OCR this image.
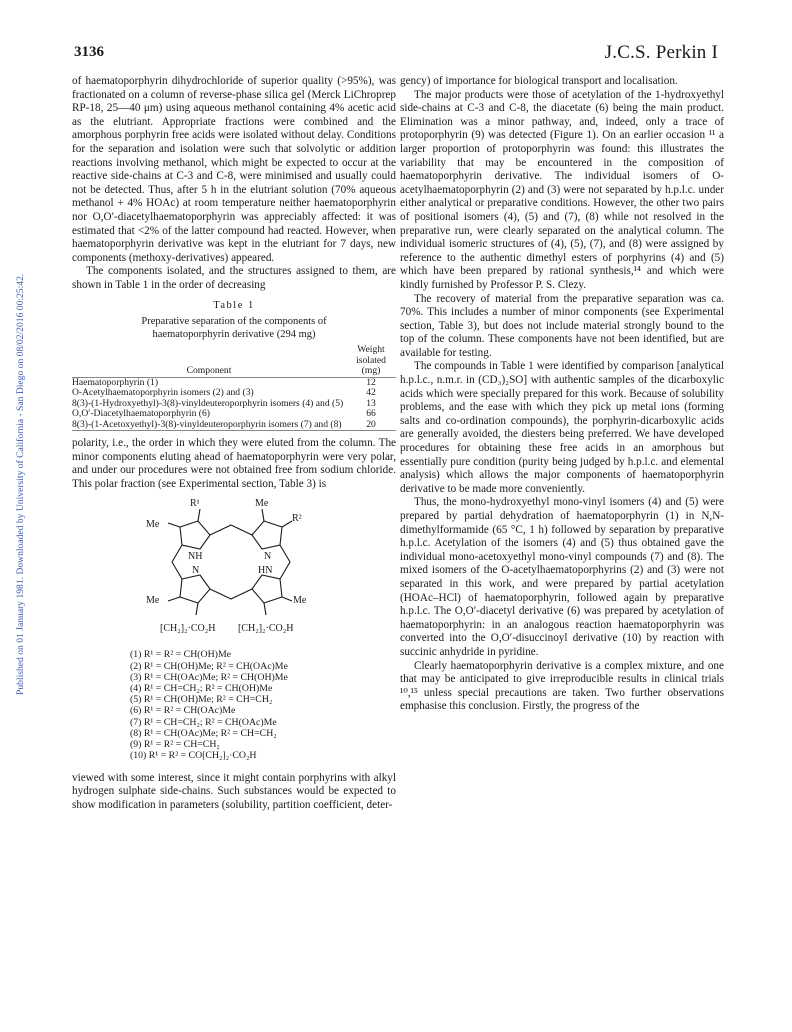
3136	J.C.S. Perkin I
Published on 01 January 1981. Downloaded by University of California - San Diego on 08/02/2016 00:25:42.

of haematoporphyrin dihydrochloride of superior quality (>95%), was fractionated on a column of reverse-phase silica gel (Merck LiChroprep RP-18, 25—40 μm) using aqueous methanol containing 4% acetic acid as the elutriant. Appropriate fractions were combined and the amorphous porphyrin free acids were isolated without delay. Conditions for the separation and isolation were such that solvolytic or addition reactions involving methanol, which might be expected to occur at the reactive side-chains at C-3 and C-8, were minimised and usually could not be detected. Thus, after 5 h in the elutriant solution (70% aqueous methanol + 4% HOAc) at room temperature neither haematoporphyrin nor O,O′-diacetylhaematoporphyrin was appreciably affected: it was estimated that <2% of the latter compound had reacted. However, when haematoporphyrin derivative was kept in the elutriant for 7 days, new components (methoxy-derivatives) appeared.

The components isolated, and the structures assigned to them, are shown in Table 1 in the order of decreasing

Table 1
Preparative separation of the components of haematoporphyrin derivative (294 mg)
Component	Weight isolated (mg)
Haematoporphyrin (1)	12
O-Acetylhaematoporphyrin isomers (2) and (3)	42
8(3)-(1-Hydroxyethyl)-3(8)-vinyldeuteroporphyrin isomers (4) and (5)	13
O,O′-Diacetylhaematoporphyrin (6)	66
8(3)-(1-Acetoxyethyl)-3(8)-vinyldeuteroporphyrin isomers (7) and (8)	20

polarity, i.e., the order in which they were eluted from the column. The minor components eluting ahead of haematoporphyrin were very polar, and under our procedures were not obtained free from sodium chloride. This polar fraction (see Experimental section, Table 3) is

R¹
R²
Me
Me
Me	Me
NH	N
N	HN
[CH₂]₂·CO₂H [CH₂]₂·CO₂H
(1) R¹ = R² = CH(OH)Me
(2) R¹ = CH(OH)Me; R² = CH(OAc)Me
(3) R¹ = CH(OAc)Me; R² = CH(OH)Me
(4) R¹ = CH=CH₂; R² = CH(OH)Me
(5) R¹ = CH(OH)Me; R² = CH=CH₂
(6) R¹ = R² = CH(OAc)Me
(7) R¹ = CH=CH₂; R² = CH(OAc)Me
(8) R¹ = CH(OAc)Me; R² = CH=CH₂
(9) R¹ = R² = CH=CH₂
(10) R¹ = R² = CO[CH₂]₂·CO₂H

viewed with some interest, since it might contain porphyrins with alkyl hydrogen sulphate side-chains. Such substances would be expected to show modification in parameters (solubility, partition coefficient, deter-

gency) of importance for biological transport and localisation.

The major products were those of acetylation of the 1-hydroxyethyl side-chains at C-3 and C-8, the diacetate (6) being the main product. Elimination was a minor pathway, and, indeed, only a trace of protoporphyrin (9) was detected (Figure 1). On an earlier occasion ¹¹ a larger proportion of protoporphyrin was found: this illustrates the variability that may be encountered in the composition of haematoporphyrin derivative. The individual isomers of O-acetylhaematoporphyrin (2) and (3) were not separated by h.p.l.c. under either analytical or preparative conditions. However, the other two pairs of positional isomers (4), (5) and (7), (8) while not resolved in the preparative run, were clearly separated on the analytical column. The individual isomeric structures of (4), (5), (7), and (8) were assigned by reference to the authentic dimethyl esters of porphyrins (4) and (5) which have been prepared by rational synthesis,¹⁴ and which were kindly furnished by Professor P. S. Clezy.

The recovery of material from the preparative separation was ca. 70%. This includes a number of minor components (see Experimental section, Table 3), but does not include material strongly bound to the top of the column. These components have not been identified, but are available for testing.

The compounds in Table 1 were identified by comparison [analytical h.p.l.c., n.m.r. in (CD₃)₂SO] with authentic samples of the dicarboxylic acids which were specially prepared for this work. Because of solubility problems, and the ease with which they pick up metal ions (forming salts and co-ordination compounds), the porphyrin-dicarboxylic acids are generally avoided, the diesters being preferred. We have developed procedures for obtaining these free acids in an amorphous but essentially pure condition (purity being judged by h.p.l.c. and elemental analysis) which allows the major components of haematoporphyrin derivative to be made more conveniently.

Thus, the mono-hydroxyethyl mono-vinyl isomers (4) and (5) were prepared by partial dehydration of haematoporphyrin (1) in N,N-dimethylformamide (65 °C, 1 h) followed by separation by preparative h.p.l.c. Acetylation of the isomers (4) and (5) thus obtained gave the individual mono-acetoxyethyl mono-vinyl compounds (7) and (8). The mixed isomers of the O-acetylhaematoporphyrins (2) and (3) were not separated in this work, and were prepared by partial acetylation (HOAc–HCl) of haematoporphyrin, followed again by preparative h.p.l.c. The O,O′-diacetyl derivative (6) was prepared by acetylation of haematoporphyrin: in an analogous reaction haematoporphyrin was converted into the O,O′-disuccinoyl derivative (10) by reaction with succinic anhydride in pyridine.

Clearly haematoporphyrin derivative is a complex mixture, and one that may be anticipated to give irreproducible results in clinical trials ¹⁰,¹⁵ unless special precautions are taken. Two further observations emphasise this conclusion. Firstly, the progress of the
